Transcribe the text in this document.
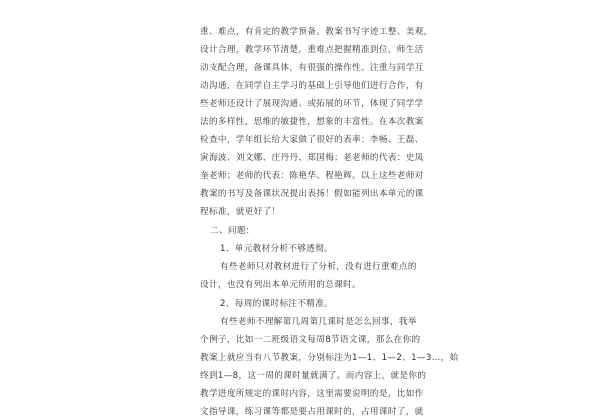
重、难点，有肯定的教学预备。教案书写字迹工整、美观，
设计合理，教学环节清楚，重难点把握精准到位，师生活
动支配合理，备课具体，有很强的操作性。注重与同学互
动沟通，在同学自主学习的基础上引导他们进行合作，有
些老师还设计了展现沟通、或拓展的环节，体现了同学学
法的多样性，思维的敏捷性，想象的丰富性。在本次教案
检查中，学年组长给大家做了很好的表率：李畅、王磊、
寅海波、刘文娜、庄丹丹、郑国梅；老老师的代表：史凤
奎老师；老师的代表：陈艳华、程艳辉。以上这些老师对
教案的书写及备课状况提出表扬！假如能列出本单元的课
程标准，就更好了！
二、问题：
1、单元教材分析不够透彻。
有些老师只对教材进行了分析，没有进行重难点的
设计，也没有列出本单元所用的总课时。
2、每周的课时标注不精准。
有些老师不理解第几周第几课时是怎么回事，我举
个例子，比如一二班级语文每周8节语文课，那么在你的
教案上就应当有八节教案，分别标注为1—1、1—2、1—3…，始
终到1—8，这一周的课时量就满了。而内容上，就是你的
教学进度所规定的课时内容，这里需要说明的是，比如作
文指导课，练习课等都是要占用课时的，占用课时了，就
